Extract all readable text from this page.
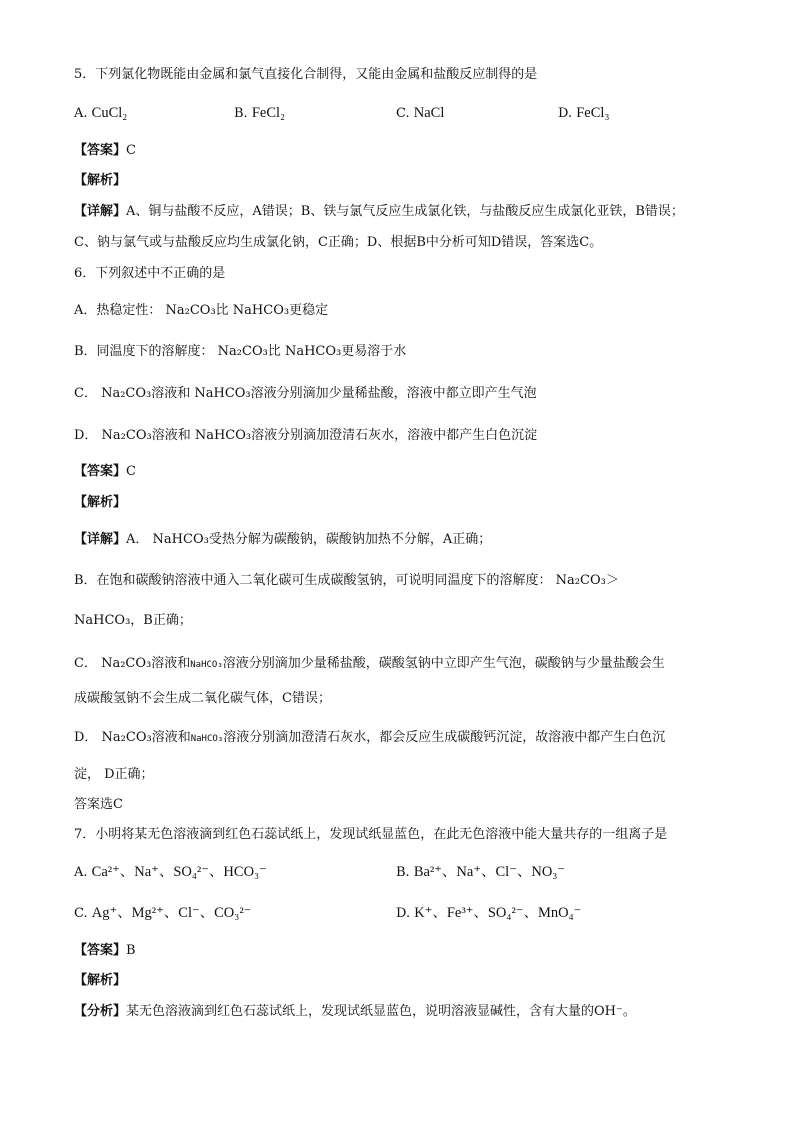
5．下列氯化物既能由金属和氯气直接化合制得，又能由金属和盐酸反应制得的是
A. CuCl₂	B. FeCl₂	C. NaCl	D. FeCl₃
【答案】C
【解析】
【详解】A、铜与盐酸不反应，A错误；B、铁与氯气反应生成氯化铁，与盐酸反应生成氯化亚铁，B错误；
C、钠与氯气或与盐酸反应均生成氯化钠，C正确；D、根据B中分析可知D错误，答案选C。
6．下列叙述中不正确的是
A．热稳定性： Na₂CO₃比 NaHCO₃更稳定
B．同温度下的溶解度： Na₂CO₃比 NaHCO₃更易溶于水
C． Na₂CO₃溶液和 NaHCO₃溶液分别滴加少量稀盐酸，溶液中都立即产生气泡
D． Na₂CO₃溶液和 NaHCO₃溶液分别滴加澄清石灰水，溶液中都产生白色沉淀
【答案】C
【解析】
【详解】A． NaHCO₃受热分解为碳酸钠，碳酸钠加热不分解，A正确；
B．在饱和碳酸钠溶液中通入二氧化碳可生成碳酸氢钠，可说明同温度下的溶解度： Na₂CO₃＞
NaHCO₃，B正确；
C． Na₂CO₃溶液和NaHCO₃溶液分别滴加少量稀盐酸，碳酸氢钠中立即产生气泡，碳酸钠与少量盐酸会生
成碳酸氢钠不会生成二氧化碳气体，C错误；
D． Na₂CO₃溶液和NaHCO₃溶液分别滴加澄清石灰水，都会反应生成碳酸钙沉淀，故溶液中都产生白色沉
淀， D正确；
答案选C
7．小明将某无色溶液滴到红色石蕊试纸上，发现试纸显蓝色，在此无色溶液中能大量共存的一组离子是
A. Ca²⁺、Na⁺、SO₄²⁻、HCO₃⁻	B. Ba²⁺、Na⁺、Cl⁻、NO₃⁻
C. Ag⁺、Mg²⁺、Cl⁻、CO₃²⁻	D. K⁺、Fe³⁺、SO₄²⁻、MnO₄⁻
【答案】B
【解析】
【分析】某无色溶液滴到红色石蕊试纸上，发现试纸显蓝色，说明溶液显碱性，含有大量的OH⁻。
